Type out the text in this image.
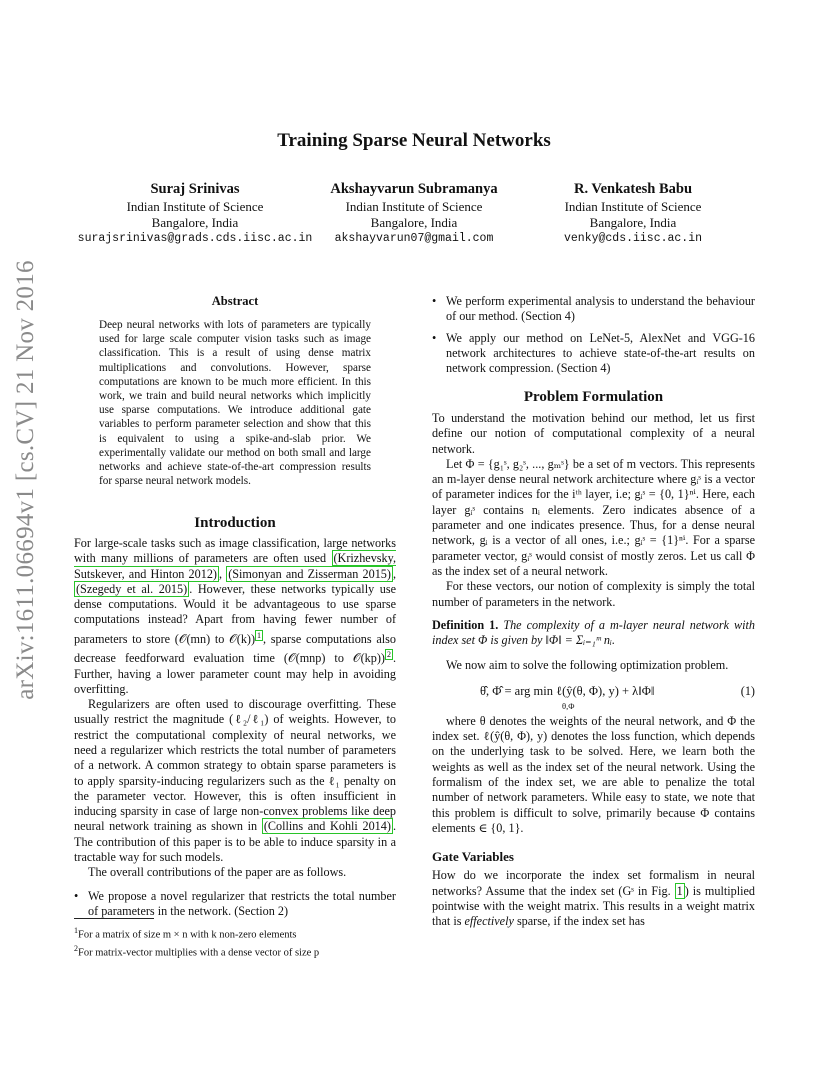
arXiv:1611.06694v1 [cs.CV] 21 Nov 2016
Training Sparse Neural Networks
Suraj Srinivas
Indian Institute of Science
Bangalore, India
surajsrinivas@grads.cds.iisc.ac.in
Akshayvarun Subramanya
Indian Institute of Science
Bangalore, India
akshayvarun07@gmail.com
R. Venkatesh Babu
Indian Institute of Science
Bangalore, India
venky@cds.iisc.ac.in
Abstract
Deep neural networks with lots of parameters are typically used for large scale computer vision tasks such as image classification. This is a result of using dense matrix multiplications and convolutions. However, sparse computations are known to be much more efficient. In this work, we train and build neural networks which implicitly use sparse computations. We introduce additional gate variables to perform parameter selection and show that this is equivalent to using a spike-and-slab prior. We experimentally validate our method on both small and large networks and achieve state-of-the-art compression results for sparse neural network models.
Introduction

For large-scale tasks such as image classification, large networks with many millions of parameters are often used (Krizhevsky, Sutskever, and Hinton 2012) , (Simonyan and Zisserman 2015) , (Szegedy et al. 2015) . However, these networks typically use dense computations. Would it be advantageous to use sparse computations instead? Apart from having fewer number of parameters to store (𝒪(mn) to 𝒪(k)) $^1$ , sparse computations also decrease feedforward evaluation time (𝒪(mnp) to 𝒪(kp)) $^2$ . Further, having a lower parameter count may help in avoiding overfitting.

Regularizers are often used to discourage overfitting. These usually restrict the magnitude (ℓ₂/ℓ₁) of weights. However, to restrict the computational complexity of neural networks, we need a regularizer which restricts the total number of parameters of a network. A common strategy to obtain sparse parameters is to apply sparsity-inducing regularizers such as the ℓ₁ penalty on the parameter vector. However, this is often insufficient in inducing sparsity in case of large non-convex problems like deep neural network training as shown in (Collins and Kohli 2014) . The contribution of this paper is to be able to induce sparsity in a tractable way for such models.

The overall contributions of the paper are as follows.

• We propose a novel regularizer that restricts the total number of parameters in the network. (Section 2)
$^1$For a matrix of size m × n with k non-zero elements
$^2$For matrix-vector multiplies with a dense vector of size p
• We perform experimental analysis to understand the behaviour of our method. (Section 4)
• We apply our method on LeNet-5, AlexNet and VGG-16 network architectures to achieve state-of-the-art results on network compression. (Section 4)
Problem Formulation

To understand the motivation behind our method, let us first define our notion of computational complexity of a neural network.

Let Φ = {g₁ˢ, g₂ˢ, ..., gₘˢ} be a set of m vectors. This represents an m-layer dense neural network architecture where gᵢˢ is a vector of parameter indices for the iᵗʰ layer, i.e; gᵢˢ = {0, 1}ⁿⁱ. Here, each layer gᵢˢ contains nᵢ elements. Zero indicates absence of a parameter and one indicates presence. Thus, for a dense neural network, gᵢ is a vector of all ones, i.e.; gᵢˢ = {1}ⁿⁱ. For a sparse parameter vector, gᵢˢ would consist of mostly zeros. Let us call Φ as the index set of a neural network.

For these vectors, our notion of complexity is simply the total number of parameters in the network.

Definition 1. The complexity of a m-layer neural network with index set Φ is given by ‖Φ‖ = Σᵢ₌₁ᵐ nᵢ.

We now aim to solve the following optimization problem.

θ̂, Φ̂ = arg min ℓ(ŷ(θ, Φ), y) + λ‖Φ‖
θ,Φ
(1)

where θ denotes the weights of the neural network, and Φ the index set. ℓ(ŷ(θ, Φ), y) denotes the loss function, which depends on the underlying task to be solved. Here, we learn both the weights as well as the index set of the neural network. Using the formalism of the index set, we are able to penalize the total number of network parameters. While easy to state, we note that this problem is difficult to solve, primarily because Φ contains elements ∈ {0, 1}.

Gate Variables

How do we incorporate the index set formalism in neural networks? Assume that the index set (Gˢ in Fig. 1 ) is multiplied pointwise with the weight matrix. This results in a weight matrix that is effectively sparse, if the index set has
